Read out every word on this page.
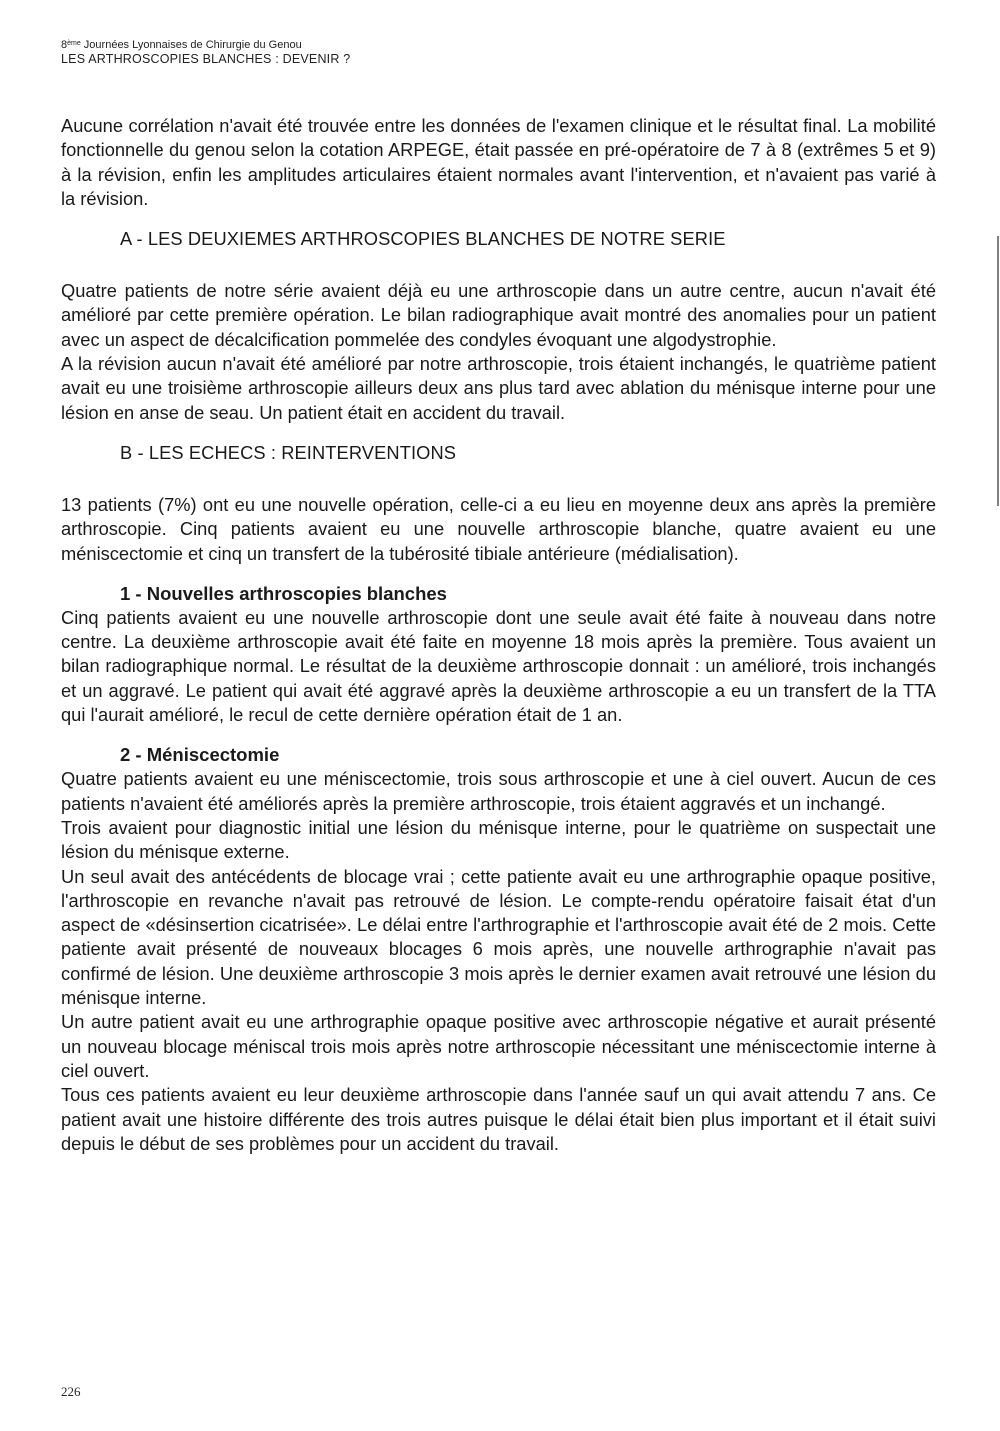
8ème Journées Lyonnaises de Chirurgie du Genou
LES ARTHROSCOPIES BLANCHES : DEVENIR ?

Aucune corrélation n'avait été trouvée entre les données de l'examen clinique et le résultat final. La mobilité fonctionnelle du genou selon la cotation ARPEGE, était passée en pré-opératoire de 7 à 8 (extrêmes 5 et 9) à la révision, enfin les amplitudes articulaires étaient normales avant l'intervention, et n'avaient pas varié à la révision.

A - LES DEUXIEMES ARTHROSCOPIES BLANCHES DE NOTRE SERIE

Quatre patients de notre série avaient déjà eu une arthroscopie dans un autre centre, aucun n'avait été amélioré par cette première opération. Le bilan radiographique avait montré des anomalies pour un patient avec un aspect de décalcification pommelée des condyles évoquant une algodystrophie.

A la révision aucun n'avait été amélioré par notre arthroscopie, trois étaient inchangés, le quatrième patient avait eu une troisième arthroscopie ailleurs deux ans plus tard avec ablation du ménisque interne pour une lésion en anse de seau. Un patient était en accident du travail.

B - LES ECHECS : REINTERVENTIONS

13 patients (7%) ont eu une nouvelle opération, celle-ci a eu lieu en moyenne deux ans après la première arthroscopie. Cinq patients avaient eu une nouvelle arthroscopie blanche, quatre avaient eu une méniscectomie et cinq un transfert de la tubérosité tibiale antérieure (médialisation).

1 - Nouvelles arthroscopies blanches

Cinq patients avaient eu une nouvelle arthroscopie dont une seule avait été faite à nouveau dans notre centre. La deuxième arthroscopie avait été faite en moyenne 18 mois après la première. Tous avaient un bilan radiographique normal. Le résultat de la deuxième arthroscopie donnait : un amélioré, trois inchangés et un aggravé. Le patient qui avait été aggravé après la deuxième arthroscopie a eu un transfert de la TTA qui l'aurait amélioré, le recul de cette dernière opération était de 1 an.

2 - Méniscectomie

Quatre patients avaient eu une méniscectomie, trois sous arthroscopie et une à ciel ouvert. Aucun de ces patients n'avaient été améliorés après la première arthroscopie, trois étaient aggravés et un inchangé.

Trois avaient pour diagnostic initial une lésion du ménisque interne, pour le quatrième on suspectait une lésion du ménisque externe.

Un seul avait des antécédents de blocage vrai ; cette patiente avait eu une arthrographie opaque positive, l'arthroscopie en revanche n'avait pas retrouvé de lésion. Le compte-rendu opératoire faisait état d'un aspect de «désinsertion cicatrisée». Le délai entre l'arthrographie et l'arthroscopie avait été de 2 mois. Cette patiente avait présenté de nouveaux blocages 6 mois après, une nouvelle arthrographie n'avait pas confirmé de lésion. Une deuxième arthroscopie 3 mois après le dernier examen avait retrouvé une lésion du ménisque interne.

Un autre patient avait eu une arthrographie opaque positive avec arthroscopie négative et aurait présenté un nouveau blocage méniscal trois mois après notre arthroscopie nécessitant une méniscectomie interne à ciel ouvert.

Tous ces patients avaient eu leur deuxième arthroscopie dans l'année sauf un qui avait attendu 7 ans. Ce patient avait une histoire différente des trois autres puisque le délai était bien plus important et il était suivi depuis le début de ses problèmes pour un accident du travail.

226
